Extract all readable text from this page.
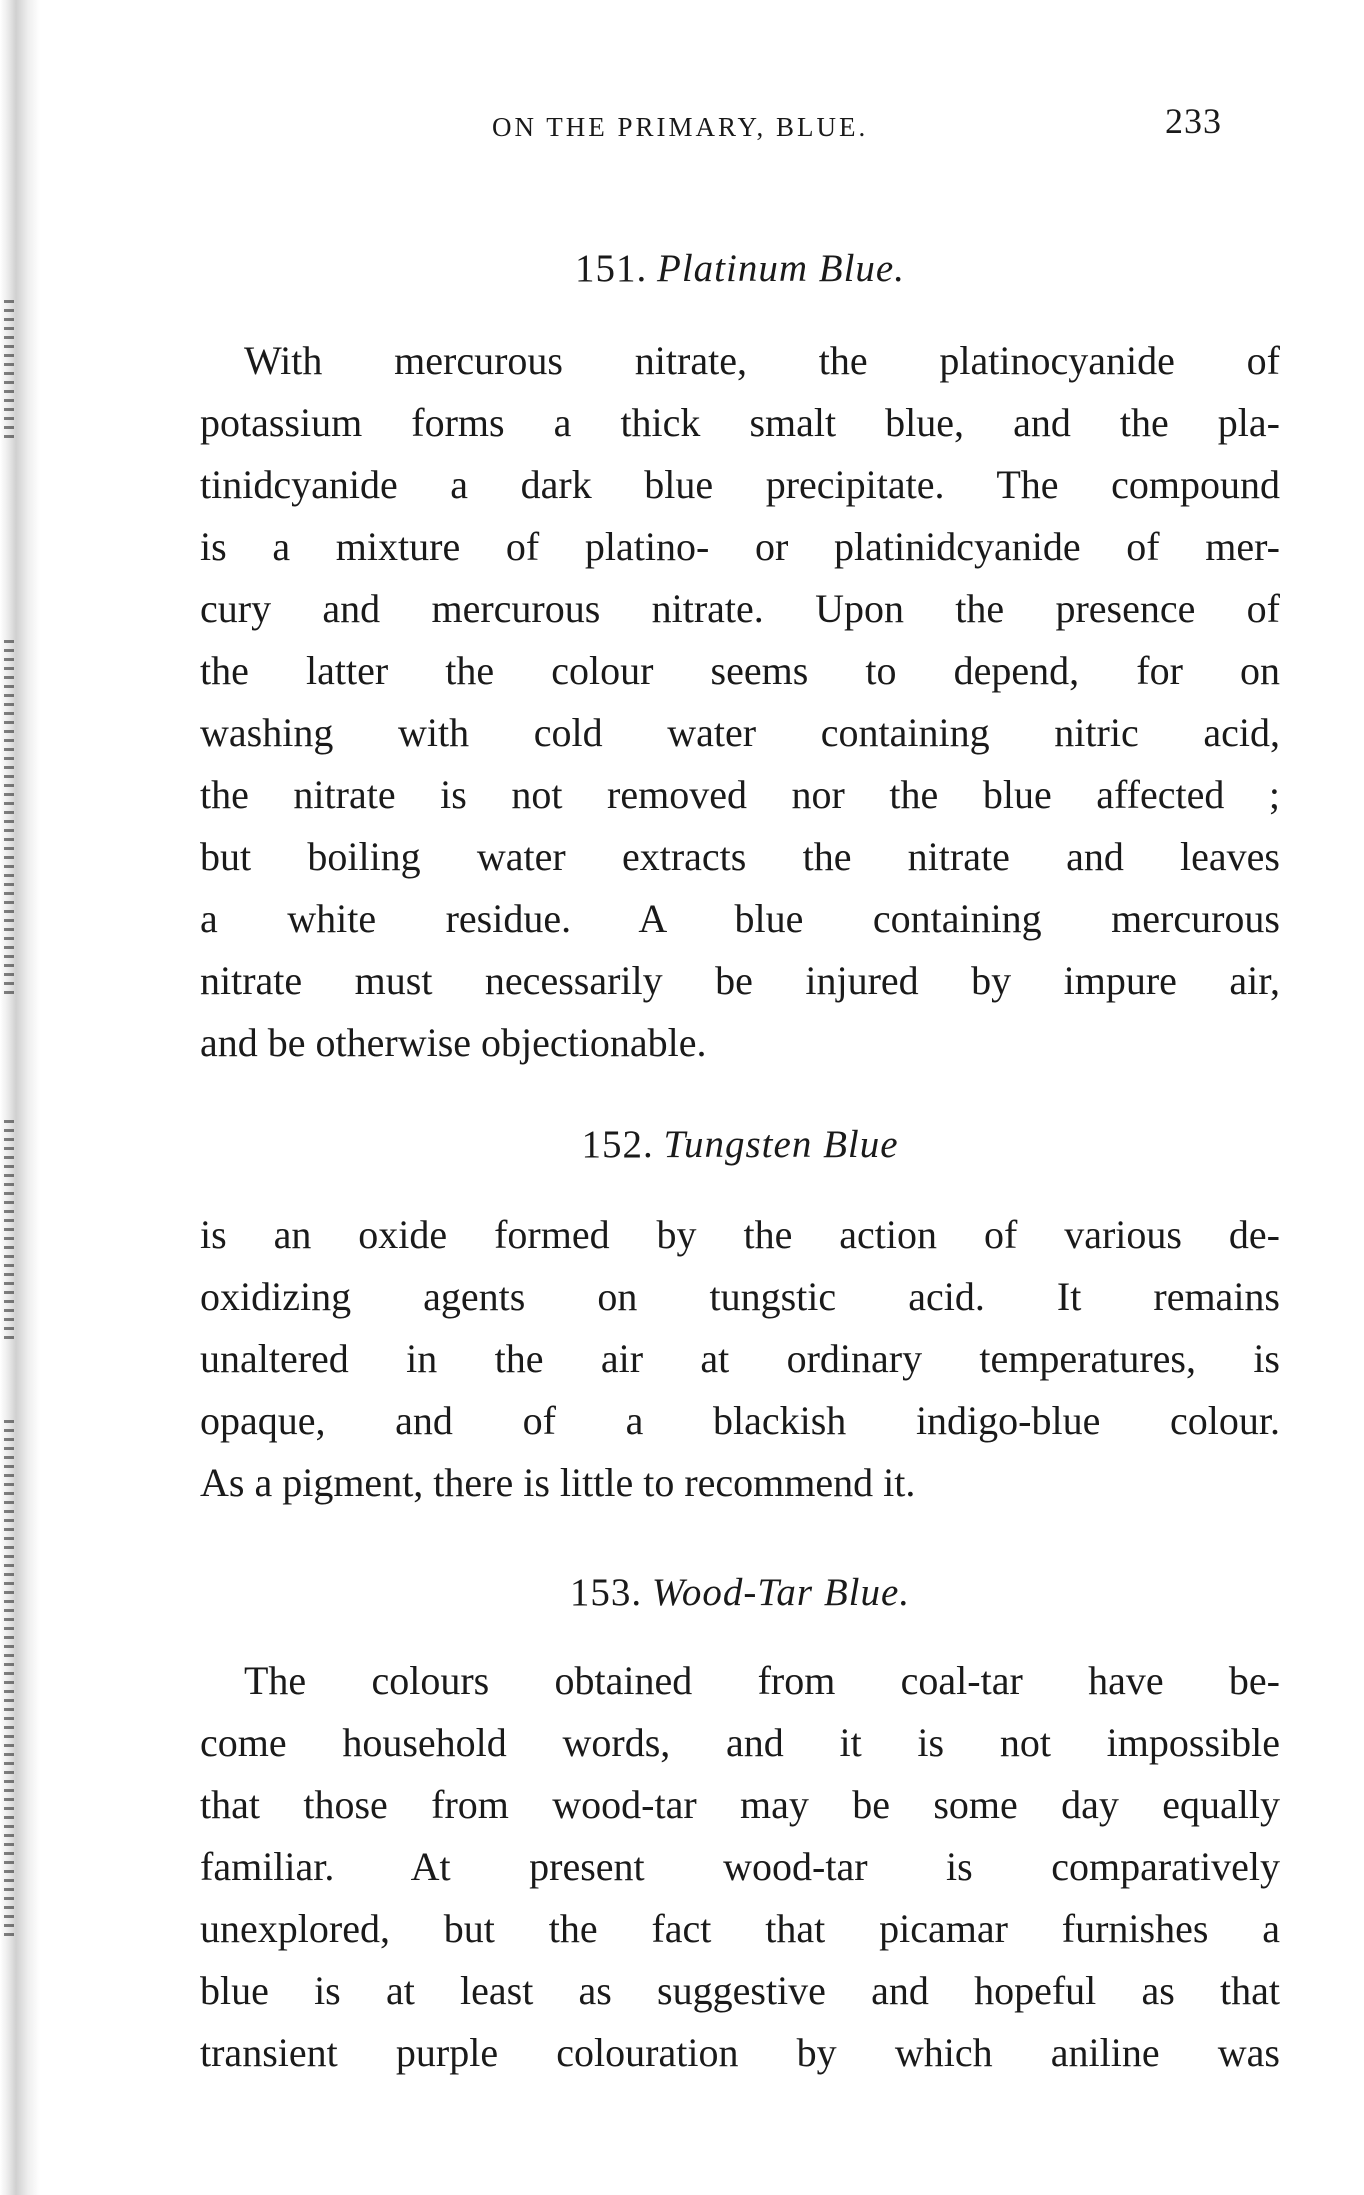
ON THE PRIMARY, BLUE.	233
151. Platinum Blue.
With mercurous nitrate, the platinocyanide of
potassium forms a thick smalt blue, and the pla-
tinidcyanide a dark blue precipitate. The compound
is a mixture of platino- or platinidcyanide of mer-
cury and mercurous nitrate. Upon the presence of
the latter the colour seems to depend, for on
washing with cold water containing nitric acid,
the nitrate is not removed nor the blue affected ;
but boiling water extracts the nitrate and leaves
a white residue. A blue containing mercurous
nitrate must necessarily be injured by impure air,
and be otherwise objectionable.
152. Tungsten Blue
is an oxide formed by the action of various de-
oxidizing agents on tungstic acid. It remains
unaltered in the air at ordinary temperatures, is
opaque, and of a blackish indigo-blue colour.
As a pigment, there is little to recommend it.
153. Wood-Tar Blue.
The colours obtained from coal-tar have be-
come household words, and it is not impossible
that those from wood-tar may be some day equally
familiar. At present wood-tar is comparatively
unexplored, but the fact that picamar furnishes a
blue is at least as suggestive and hopeful as that
transient purple colouration by which aniline was
